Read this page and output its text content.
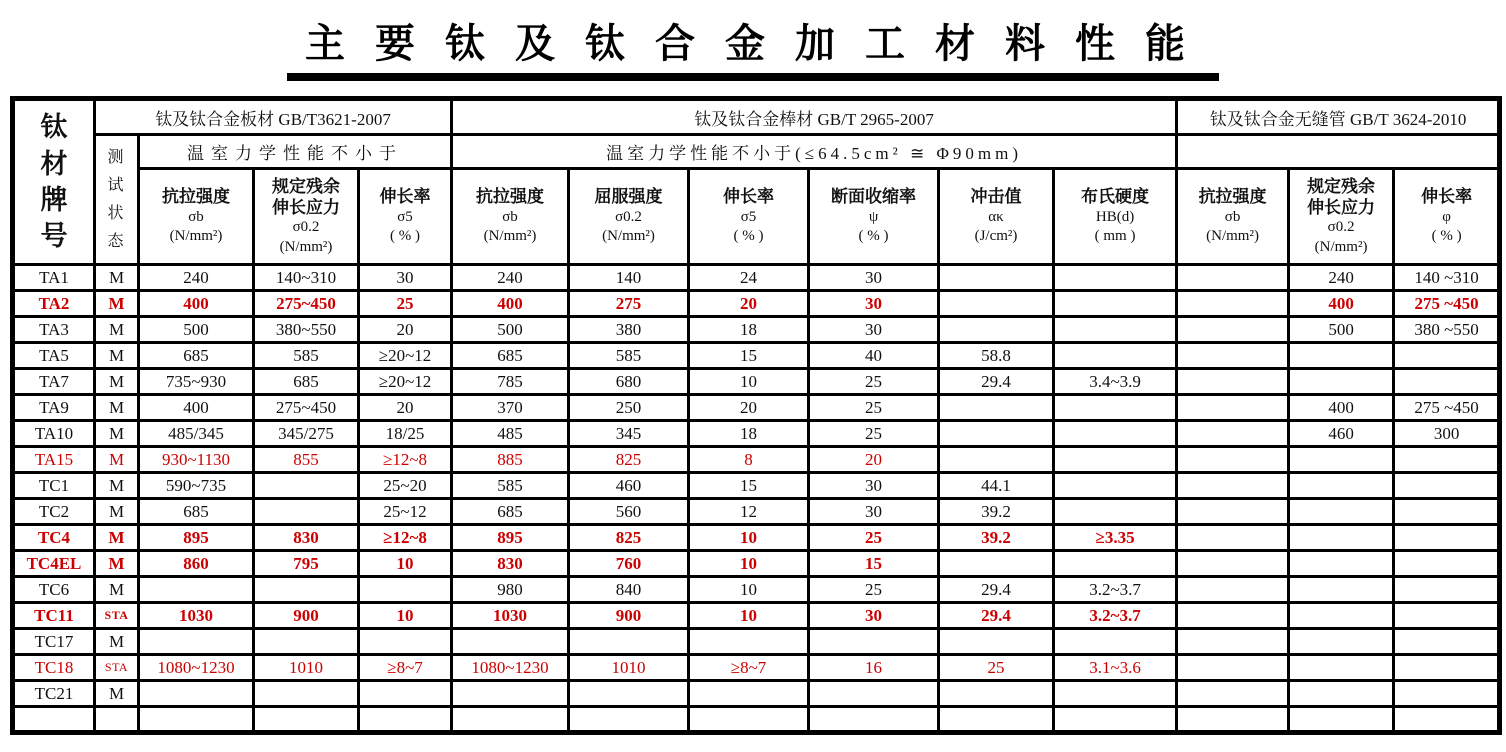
主要钛及钛合金加工材料性能
钛材牌号	钛及钛合金板材 GB/T3621-2007				钛及钛合金棒材 GB/T 2965-2007						钛及钛合金无缝管 GB/T 3624-2010			
	测试状态	温室力学性能不小于			温室力学性能不小于(≤64.5cm² ≅ Φ90mm)									

		抗拉强度
σb
(N/mm²)	规定残余伸长应力
σ0.2
(N/mm²)	伸长率
σ5
( % )	抗拉强度
σb
(N/mm²)	屈服强度
σ0.2
(N/mm²)	伸长率
σ5
( % )	断面收缩率
ψ
( % )	冲击值
ακ
(J/cm²)	布氏硬度
HB(d)
( mm )	抗拉强度
σb
(N/mm²)	规定残余伸长应力
σ0.2
(N/mm²)	伸长率
φ
( % )	

TA1	M	240	140~310	30	240	140	24	30				240	140 ~310	
TA2	M	400	275~450	25	400	275	20	30				400	275 ~450	
TA3	M	500	380~550	20	500	380	18	30				500	380 ~550	
TA5	M	685	585	≥20~12	685	585	15	40	58.8					
TA7	M	735~930	685	≥20~12	785	680	10	25	29.4	3.4~3.9				
TA9	M	400	275~450	20	370	250	20	25				400	275 ~450	
TA10	M	485/345	345/275	18/25	485	345	18	25				460	300	
TA15	M	930~1130	855	≥12~8	885	825	8	20						
TC1	M	590~735		25~20	585	460	15	30	44.1					
TC2	M	685		25~12	685	560	12	30	39.2					
TC4	M	895	830	≥12~8	895	825	10	25	39.2	≥3.35				
TC4EL	M	860	795	10	830	760	10	15						
TC6	M				980	840	10	25	29.4	3.2~3.7				
TC11	STA	1030	900	10	1030	900	10	30	29.4	3.2~3.7				
TC17	M													
TC18	STA	1080~1230	1010	≥8~7	1080~1230	1010	≥8~7	16	25	3.1~3.6				
TC21	M													
